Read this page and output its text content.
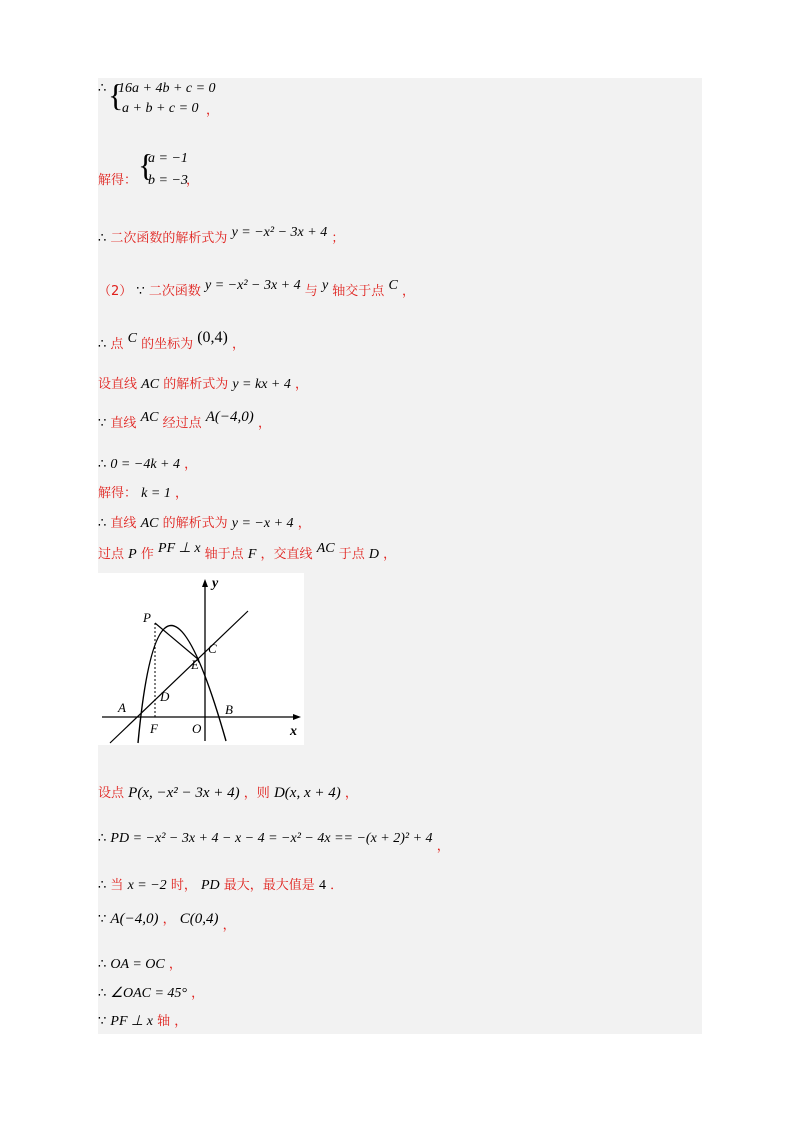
∴ {
16a + 4b + c = 0
a + b + c = 0 ，
解得： {
a = −1
b = −3
，
∴ 二次函数的解析式为 y = −x² − 3x + 4 ；
（2） ∵ 二次函数 y = −x² − 3x + 4 与 y 轴交于点 C ，
∴ 点 C 的坐标为 (0,4) ，
设直线 AC 的解析式为 y = kx + 4 ，
∵ 直线 AC 经过点 A(−4,0) ，
∴ 0 = −4k + 4 ，
解得： k = 1 ，
∴ 直线 AC 的解析式为 y = −x + 4 ，
过点 P 作 PF ⊥ x 轴于点 F ，交直线 AC 于点 D ，
y
x
P
C
E
D
A
F	O
B
设点 P(x, −x² − 3x + 4) ，则 D(x, x + 4) ，
∴ PD = −x² − 3x + 4 − x − 4 = −x² − 4x == −(x + 2)² + 4 ，
∴ 当 x = −2 时， PD 最大，最大值是 4 ．
∵ A(−4,0) ， C(0,4) ，
∴ OA = OC ，
∴ ∠OAC = 45° ，
∵ PF ⊥ x 轴 ，
